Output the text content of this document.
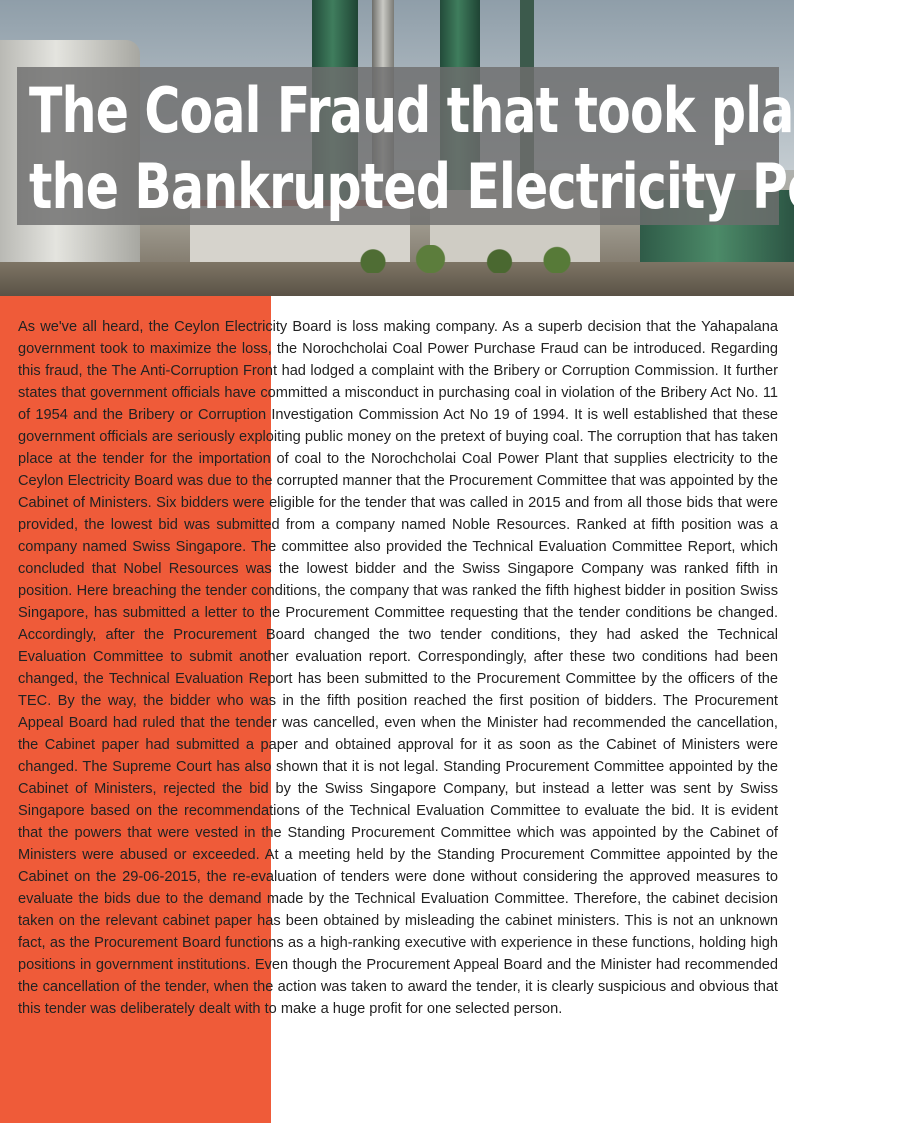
The Coal Fraud that took place in
the Bankrupted Electricity Power

As we've all heard, the Ceylon Electricity Board is loss making company. As a superb decision that the Yahapalana government took to maximize the loss, the Norochcholai Coal Power Purchase Fraud can be introduced. Regarding this fraud, the The Anti-Corruption Front had lodged a complaint with the Bribery or Corruption Commission. It further states that government officials have committed a misconduct in purchasing coal in violation of the Bribery Act No. 11 of 1954 and the Bribery or Corruption Investigation Commission Act No 19 of 1994. It is well established that these government officials are seriously exploiting public money on the pretext of buying coal. The corruption that has taken place at the tender for the importation of coal to the Norochcholai Coal Power Plant that supplies electricity to the Ceylon Electricity Board was due to the corrupted manner that the Procurement Committee that was appointed by the Cabinet of Ministers. Six bidders were eligible for the tender that was called in 2015 and from all those bids that were provided, the lowest bid was submitted from a company named Noble Resources. Ranked at fifth position was a company named Swiss Singapore. The committee also provided the Technical Evaluation Committee Report, which concluded that Nobel Resources was the lowest bidder and the Swiss Singapore Company was ranked fifth in position. Here breaching the tender conditions, the company that was ranked the fifth highest bidder in position Swiss Singapore, has submitted a letter to the Procurement Committee requesting that the tender conditions be changed. Accordingly, after the Procurement Board changed the two tender conditions, they had asked the Technical Evaluation Committee to submit another evaluation report. Correspondingly, after these two conditions had been changed, the Technical Evaluation Report has been submitted to the Procurement Committee by the officers of the TEC. By the way, the bidder who was in the fifth position reached the first position of bidders. The Procurement Appeal Board had ruled that the tender was cancelled, even when the Minister had recommended the cancellation, the Cabinet paper had submitted a paper and obtained approval for it as soon as the Cabinet of Ministers were changed. The Supreme Court has also shown that it is not legal. Standing Procurement Committee appointed by the Cabinet of Ministers, rejected the bid by the Swiss Singapore Company, but instead a letter was sent by Swiss Singapore based on the recommendations of the Technical Evaluation Committee to evaluate the bid. It is evident that the powers that were vested in the Standing Procurement Committee which was appointed by the Cabinet of Ministers were abused or exceeded. At a meeting held by the Standing Procurement Committee appointed by the Cabinet on the 29-06-2015, the re-evaluation of tenders were done without considering the approved measures to evaluate the bids due to the demand made by the Technical Evaluation Committee. Therefore, the cabinet decision taken on the relevant cabinet paper has been obtained by misleading the cabinet ministers. This is not an unknown fact, as the Procurement Board functions as a high-ranking executive with experience in these functions, holding high positions in government institutions. Even though the Procurement Appeal Board and the Minister had recommended the cancellation of the tender, when the action was taken to award the tender, it is clearly suspicious and obvious that this tender was deliberately dealt with to make a huge profit for one selected person.
